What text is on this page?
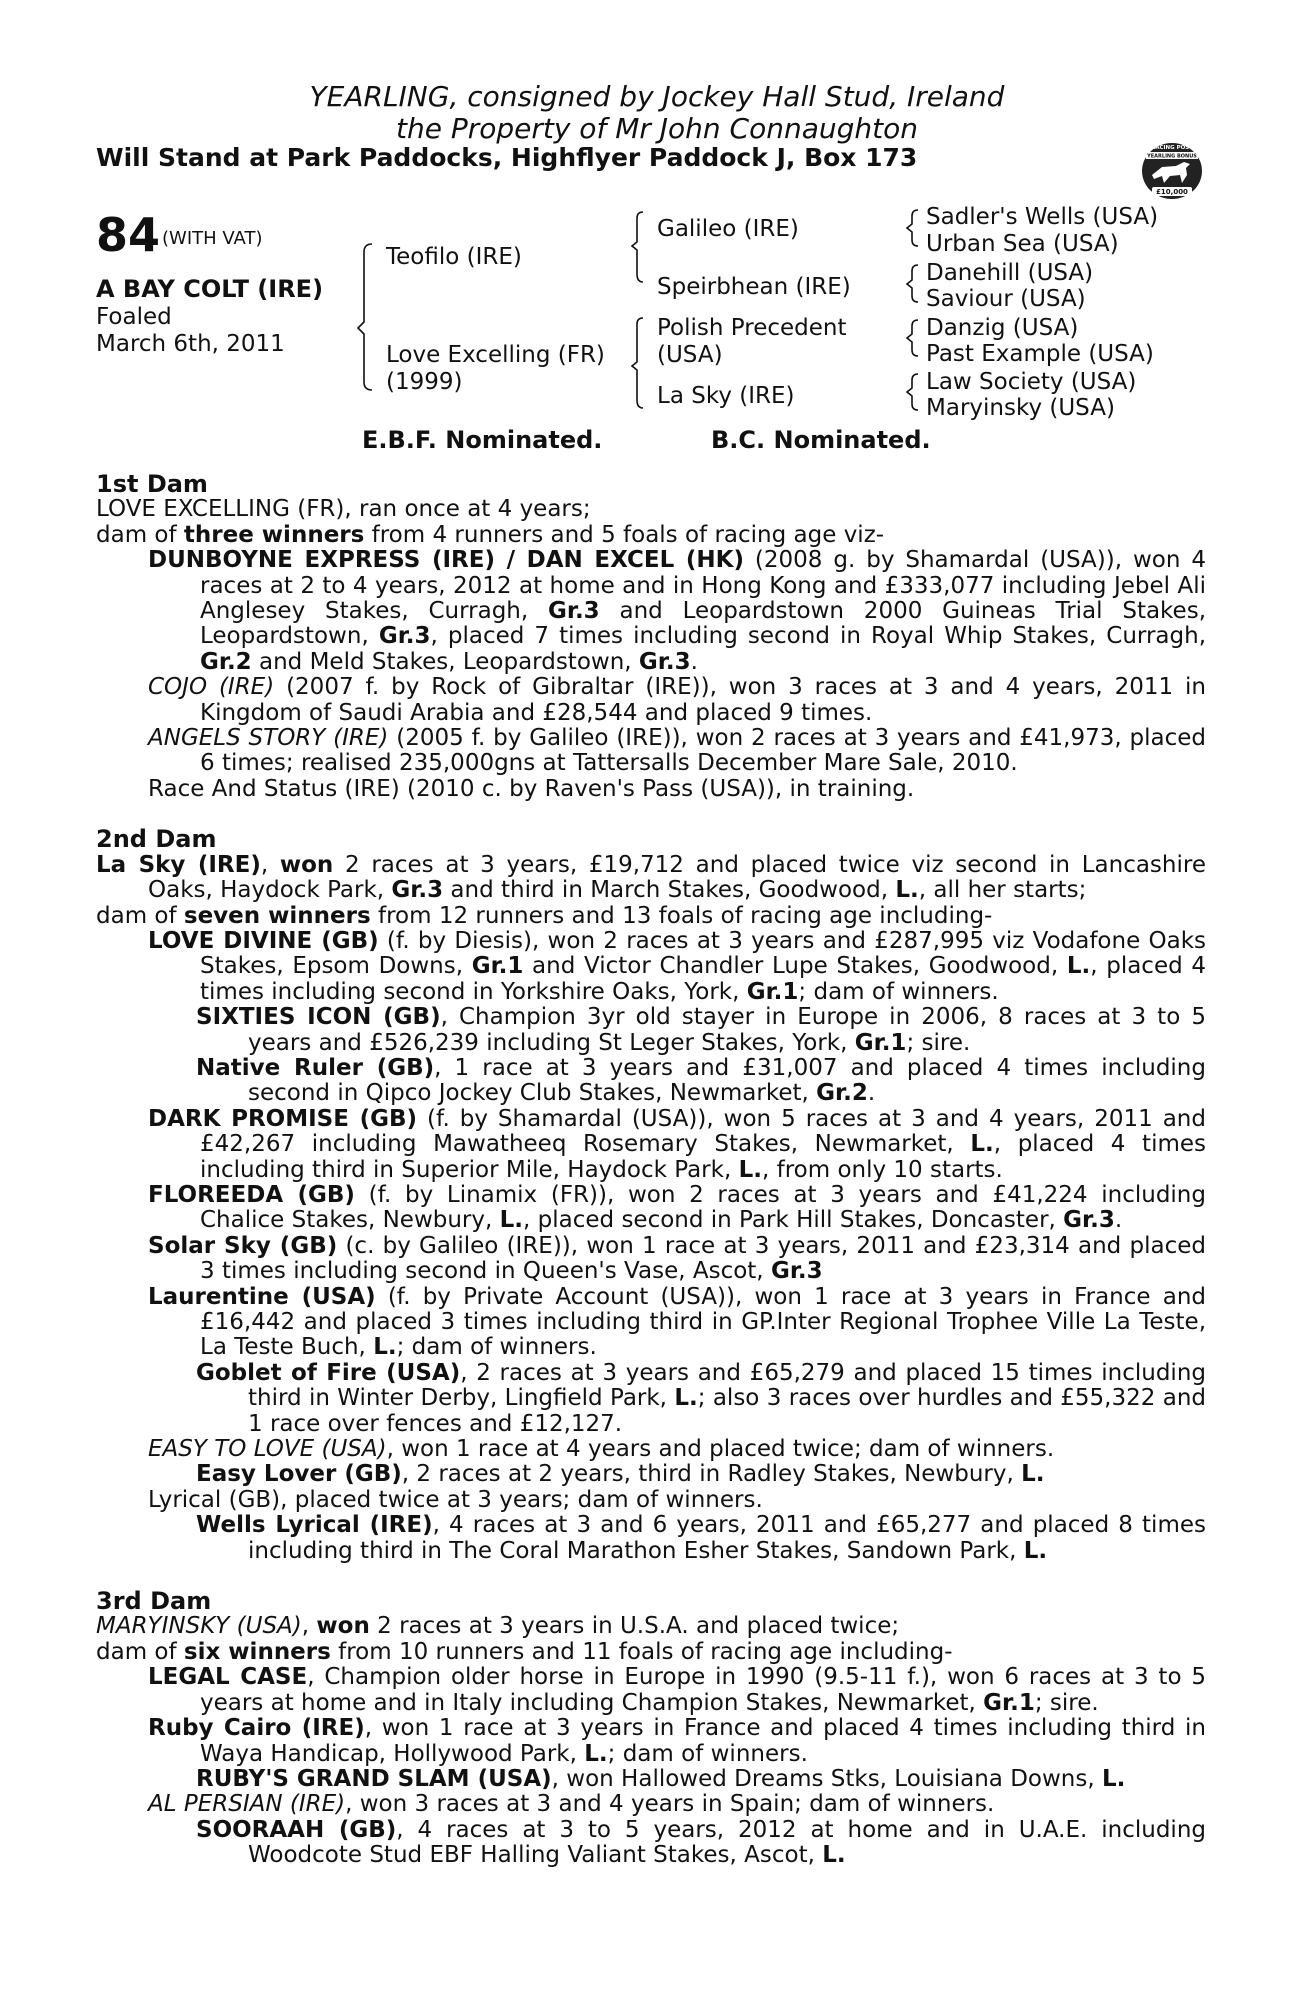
YEARLING, consigned by Jockey Hall Stud, Ireland
the Property of Mr John Connaughton
Will Stand at Park Paddocks, Highflyer Paddock J, Box 173	RACING POST
YEARLING BONUS
£10,000
84 (WITH VAT)
A BAY COLT (IRE)
Foaled
March 6th, 2011
Teofilo (IRE)
Love Excelling (FR)
(1999)
Galileo (IRE)
Speirbhean (IRE)
Polish Precedent
(USA)
La Sky (IRE)
Sadler's Wells (USA)
Urban Sea (USA)
Danehill (USA)
Saviour (USA)
Danzig (USA)
Past Example (USA)
Law Society (USA)
Maryinsky (USA)
E.B.F. Nominated.	B.C. Nominated.

1st Dam

LOVE EXCELLING (FR), ran once at 4 years;

dam of three winners from 4 runners and 5 foals of racing age viz-

DUNBOYNE EXPRESS (IRE) / DAN EXCEL (HK) (2008 g. by Shamardal (USA)), won 4 races at 2 to 4 years, 2012 at home and in Hong Kong and £333,077 including Jebel Ali Anglesey Stakes, Curragh, Gr.3 and Leopardstown 2000 Guineas Trial Stakes, Leopardstown, Gr.3, placed 7 times including second in Royal Whip Stakes, Curragh, Gr.2 and Meld Stakes, Leopardstown, Gr.3.

COJO (IRE) (2007 f. by Rock of Gibraltar (IRE)), won 3 races at 3 and 4 years, 2011 in Kingdom of Saudi Arabia and £28,544 and placed 9 times.

ANGELS STORY (IRE) (2005 f. by Galileo (IRE)), won 2 races at 3 years and £41,973, placed 6 times; realised 235,000gns at Tattersalls December Mare Sale, 2010.

Race And Status (IRE) (2010 c. by Raven's Pass (USA)), in training.

2nd Dam

La Sky (IRE), won 2 races at 3 years, £19,712 and placed twice viz second in Lancashire Oaks, Haydock Park, Gr.3 and third in March Stakes, Goodwood, L., all her starts;

dam of seven winners from 12 runners and 13 foals of racing age including-

LOVE DIVINE (GB) (f. by Diesis), won 2 races at 3 years and £287,995 viz Vodafone Oaks Stakes, Epsom Downs, Gr.1 and Victor Chandler Lupe Stakes, Goodwood, L., placed 4 times including second in Yorkshire Oaks, York, Gr.1; dam of winners.

SIXTIES ICON (GB), Champion 3yr old stayer in Europe in 2006, 8 races at 3 to 5 years and £526,239 including St Leger Stakes, York, Gr.1; sire.

Native Ruler (GB), 1 race at 3 years and £31,007 and placed 4 times including second in Qipco Jockey Club Stakes, Newmarket, Gr.2.

DARK PROMISE (GB) (f. by Shamardal (USA)), won 5 races at 3 and 4 years, 2011 and £42,267 including Mawatheeq Rosemary Stakes, Newmarket, L., placed 4 times including third in Superior Mile, Haydock Park, L., from only 10 starts.

FLOREEDA (GB) (f. by Linamix (FR)), won 2 races at 3 years and £41,224 including Chalice Stakes, Newbury, L., placed second in Park Hill Stakes, Doncaster, Gr.3.

Solar Sky (GB) (c. by Galileo (IRE)), won 1 race at 3 years, 2011 and £23,314 and placed 3 times including second in Queen's Vase, Ascot, Gr.3

Laurentine (USA) (f. by Private Account (USA)), won 1 race at 3 years in France and £16,442 and placed 3 times including third in GP.Inter Regional Trophee Ville La Teste, La Teste Buch, L.; dam of winners.

Goblet of Fire (USA), 2 races at 3 years and £65,279 and placed 15 times including third in Winter Derby, Lingfield Park, L.; also 3 races over hurdles and £55,322 and 1 race over fences and £12,127.

EASY TO LOVE (USA), won 1 race at 4 years and placed twice; dam of winners.

Easy Lover (GB), 2 races at 2 years, third in Radley Stakes, Newbury, L.

Lyrical (GB), placed twice at 3 years; dam of winners.

Wells Lyrical (IRE), 4 races at 3 and 6 years, 2011 and £65,277 and placed 8 times including third in The Coral Marathon Esher Stakes, Sandown Park, L.

3rd Dam

MARYINSKY (USA), won 2 races at 3 years in U.S.A. and placed twice;

dam of six winners from 10 runners and 11 foals of racing age including-

LEGAL CASE, Champion older horse in Europe in 1990 (9.5-11 f.), won 6 races at 3 to 5 years at home and in Italy including Champion Stakes, Newmarket, Gr.1; sire.

Ruby Cairo (IRE), won 1 race at 3 years in France and placed 4 times including third in Waya Handicap, Hollywood Park, L.; dam of winners.

RUBY'S GRAND SLAM (USA), won Hallowed Dreams Stks, Louisiana Downs, L.

AL PERSIAN (IRE), won 3 races at 3 and 4 years in Spain; dam of winners.

SOORAAH (GB), 4 races at 3 to 5 years, 2012 at home and in U.A.E. including Woodcote Stud EBF Halling Valiant Stakes, Ascot, L.
